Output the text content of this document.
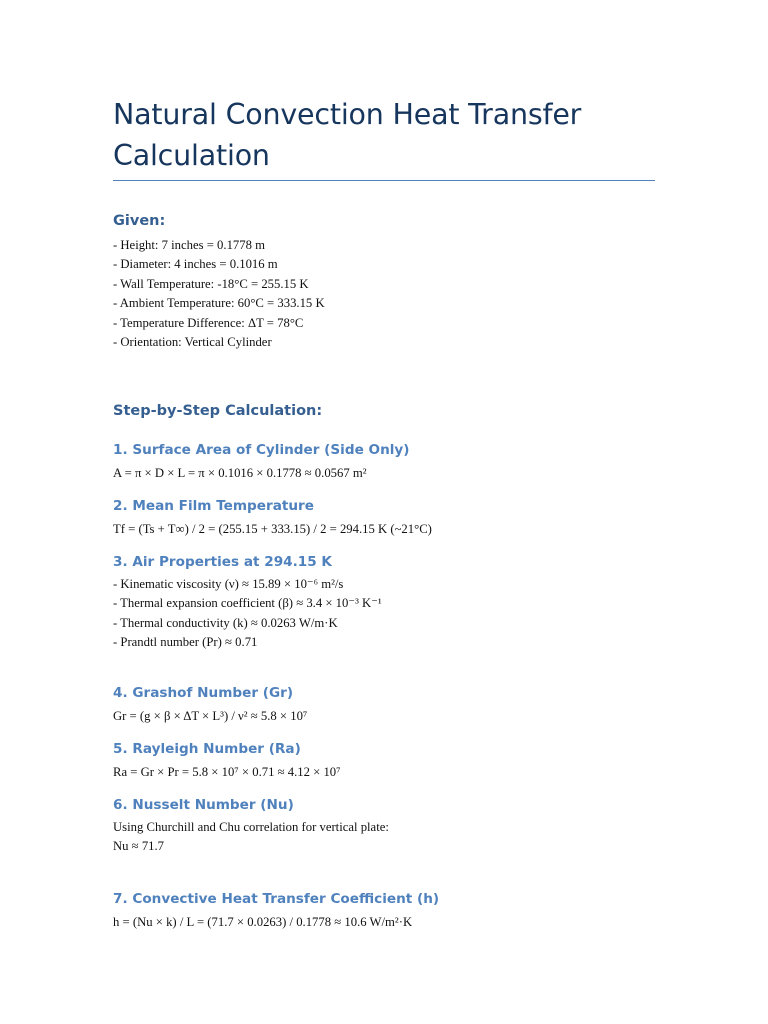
Natural Convection Heat Transfer Calculation
Given:
- Height: 7 inches = 0.1778 m
- Diameter: 4 inches = 0.1016 m
- Wall Temperature: -18°C = 255.15 K
- Ambient Temperature: 60°C = 333.15 K
- Temperature Difference: ΔT = 78°C
- Orientation: Vertical Cylinder
Step-by-Step Calculation:
1. Surface Area of Cylinder (Side Only)
A = π × D × L = π × 0.1016 × 0.1778 ≈ 0.0567 m²
2. Mean Film Temperature
Tf = (Ts + T∞) / 2 = (255.15 + 333.15) / 2 = 294.15 K (~21°C)
3. Air Properties at 294.15 K
- Kinematic viscosity (ν) ≈ 15.89 × 10⁻⁶ m²/s
- Thermal expansion coefficient (β) ≈ 3.4 × 10⁻³ K⁻¹
- Thermal conductivity (k) ≈ 0.0263 W/m·K
- Prandtl number (Pr) ≈ 0.71
4. Grashof Number (Gr)
Gr = (g × β × ΔT × L³) / ν² ≈ 5.8 × 10⁷
5. Rayleigh Number (Ra)
Ra = Gr × Pr = 5.8 × 10⁷ × 0.71 ≈ 4.12 × 10⁷
6. Nusselt Number (Nu)
Using Churchill and Chu correlation for vertical plate:
Nu ≈ 71.7
7. Convective Heat Transfer Coefficient (h)
h = (Nu × k) / L = (71.7 × 0.0263) / 0.1778 ≈ 10.6 W/m²·K
